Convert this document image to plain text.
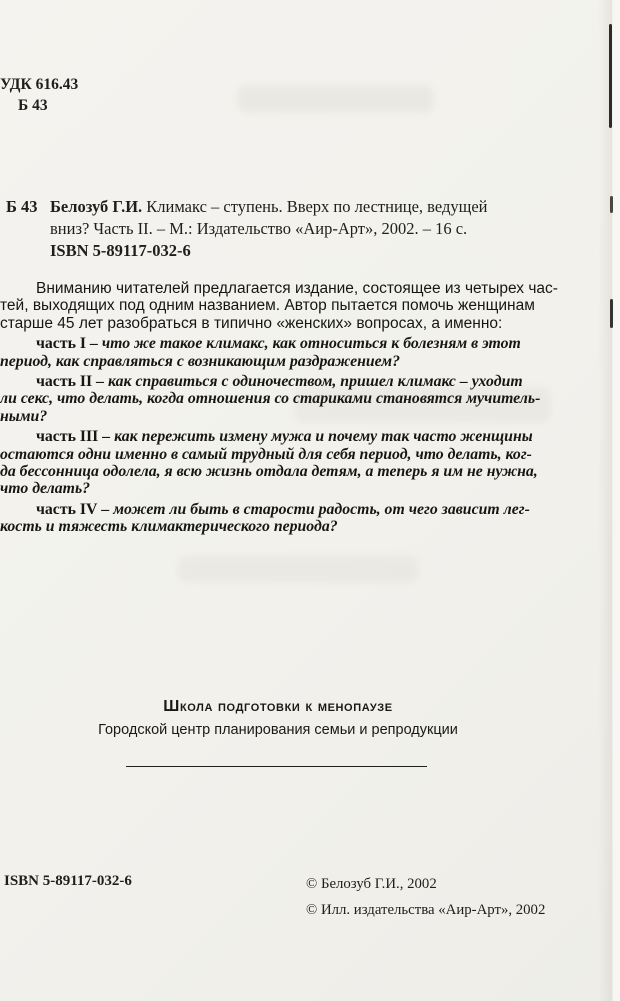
УДК 616.43
Б 43
Б 43 Белозуб Г.И. Климакс – ступень. Вверх по лестнице, ведущей
вниз? Часть II. – М.: Издательство «Аир-Арт», 2002. – 16 с.
ISBN 5-89117-032-6
Вниманию читателей предлагается издание, состоящее из четырех час-
тей, выходящих под одним названием. Автор пытается помочь женщинам
старше 45 лет разобраться в типично «женских» вопросах, а именно:
часть I – что же такое климакс, как относиться к болезням в этот
период, как справляться с возникающим раздражением?
часть II – как справиться с одиночеством, пришел климакс – уходит
ли секс, что делать, когда отношения со стариками становятся мучитель-
ными?
часть III – как пережить измену мужа и почему так часто женщины
остаются одни именно в самый трудный для себя период, что делать, ког-
да бессонница одолела, я всю жизнь отдала детям, а теперь я им не нужна,
что делать?
часть IV – может ли быть в старости радость, от чего зависит лег-
кость и тяжесть климактерического периода?
Школа подготовки к менопаузе
Городской центр планирования семьи и репродукции
ISBN 5-89117-032-6	© Белозуб Г.И., 2002
© Илл. издательства «Аир-Арт», 2002
